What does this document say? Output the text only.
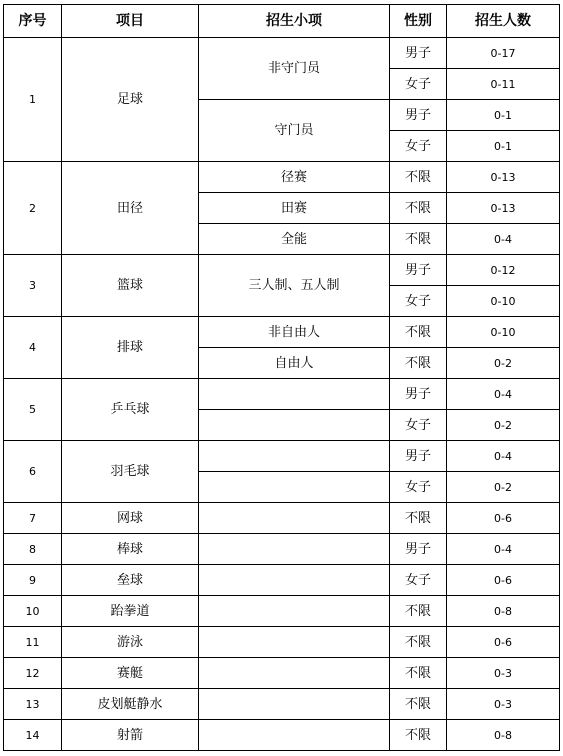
序号	项目	招生小项	性别	招生人数
1	足球	非守门员	男子	0-17
			女子	0-11
		守门员	男子	0-1
			女子	0-1
2	田径	径赛	不限	0-13
		田赛	不限	0-13
		全能	不限	0-4
3	篮球	三人制、五人制	男子	0-12
			女子	0-10
4	排球	非自由人	不限	0-10
		自由人	不限	0-2
5	乒乓球		男子	0-4
			女子	0-2
6	羽毛球		男子	0-4
			女子	0-2
7	网球		不限	0-6
8	棒球		男子	0-4
9	垒球		女子	0-6
10	跆拳道		不限	0-8
11	游泳		不限	0-6
12	赛艇		不限	0-3
13	皮划艇静水		不限	0-3
14	射箭		不限	0-8
